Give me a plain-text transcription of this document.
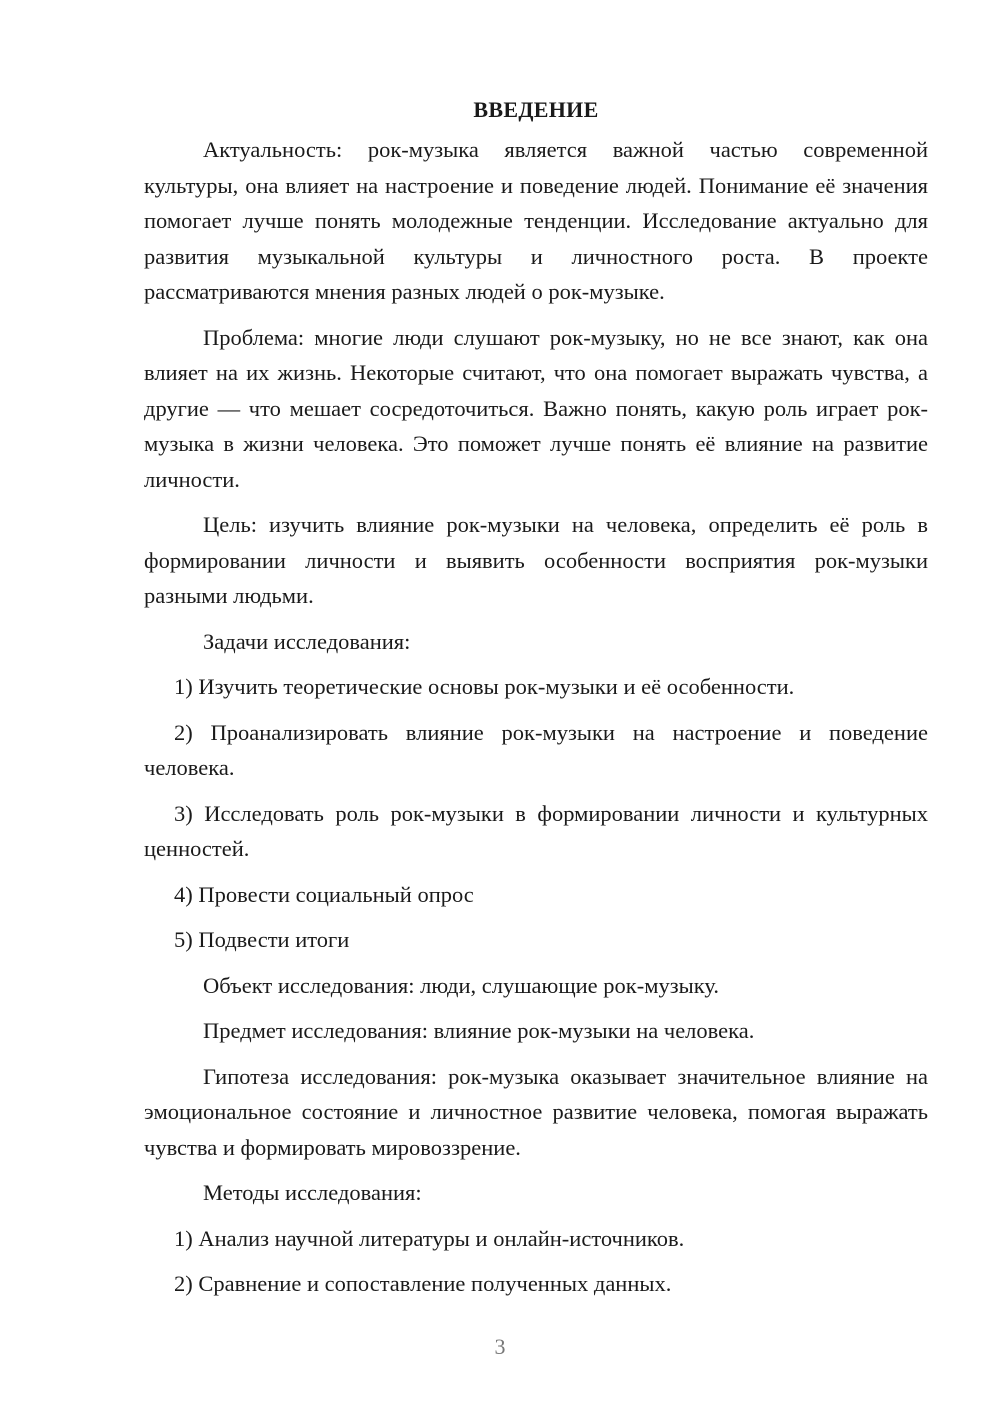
ВВЕДЕНИЕ

Актуальность: рок-музыка является важной частью современной культуры, она влияет на настроение и поведение людей. Понимание её значения помогает лучше понять молодежные тенденции. Исследование актуально для развития музыкальной культуры и личностного роста. В проекте рассматриваются мнения разных людей о рок-музыке.

Проблема: многие люди слушают рок-музыку, но не все знают, как она влияет на их жизнь. Некоторые считают, что она помогает выражать чувства, а другие — что мешает сосредоточиться. Важно понять, какую роль играет рок-музыка в жизни человека. Это поможет лучше понять её влияние на развитие личности.

Цель: изучить влияние рок-музыки на человека, определить её роль в формировании личности и выявить особенности восприятия рок-музыки разными людьми.

Задачи исследования:

1) Изучить теоретические основы рок-музыки и её особенности.

2) Проанализировать влияние рок-музыки на настроение и поведение человека.

3) Исследовать роль рок-музыки в формировании личности и культурных ценностей.

4) Провести социальный опрос

5) Подвести итоги

Объект исследования: люди, слушающие рок-музыку.

Предмет исследования: влияние рок-музыки на человека.

Гипотеза исследования: рок-музыка оказывает значительное влияние на эмоциональное состояние и личностное развитие человека, помогая выражать чувства и формировать мировоззрение.

Методы исследования:

1) Анализ научной литературы и онлайн-источников.

2) Сравнение и сопоставление полученных данных.

3
